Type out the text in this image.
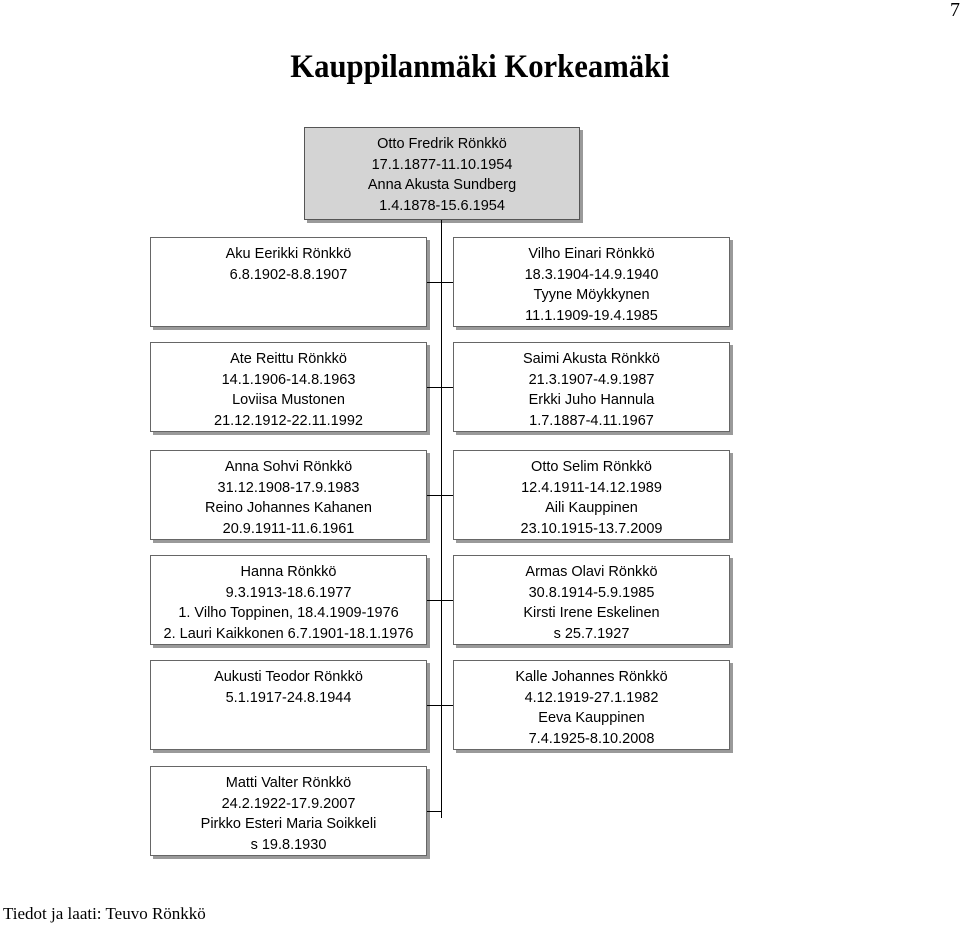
7
Kauppilanmäki Korkeamäki
Otto Fredrik Rönkkö
17.1.1877-11.10.1954
Anna Akusta Sundberg
1.4.1878-15.6.1954
Aku Eerikki Rönkkö
6.8.1902-8.8.1907
Ate Reittu Rönkkö
14.1.1906-14.8.1963
Loviisa Mustonen
21.12.1912-22.11.1992
Anna Sohvi Rönkkö
31.12.1908-17.9.1983
Reino Johannes Kahanen
20.9.1911-11.6.1961
Hanna Rönkkö
9.3.1913-18.6.1977
1. Vilho Toppinen, 18.4.1909-1976
2. Lauri Kaikkonen 6.7.1901-18.1.1976
Aukusti Teodor Rönkkö
5.1.1917-24.8.1944
Matti Valter Rönkkö
24.2.1922-17.9.2007
Pirkko Esteri Maria Soikkeli
s 19.8.1930
Vilho Einari Rönkkö
18.3.1904-14.9.1940
Tyyne Möykkynen
11.1.1909-19.4.1985
Saimi Akusta Rönkkö
21.3.1907-4.9.1987
Erkki Juho Hannula
1.7.1887-4.11.1967
Otto Selim Rönkkö
12.4.1911-14.12.1989
Aili Kauppinen
23.10.1915-13.7.2009
Armas Olavi Rönkkö
30.8.1914-5.9.1985
Kirsti Irene Eskelinen
s 25.7.1927
Kalle Johannes Rönkkö
4.12.1919-27.1.1982
Eeva Kauppinen
7.4.1925-8.10.2008
Tiedot ja laati: Teuvo Rönkkö
